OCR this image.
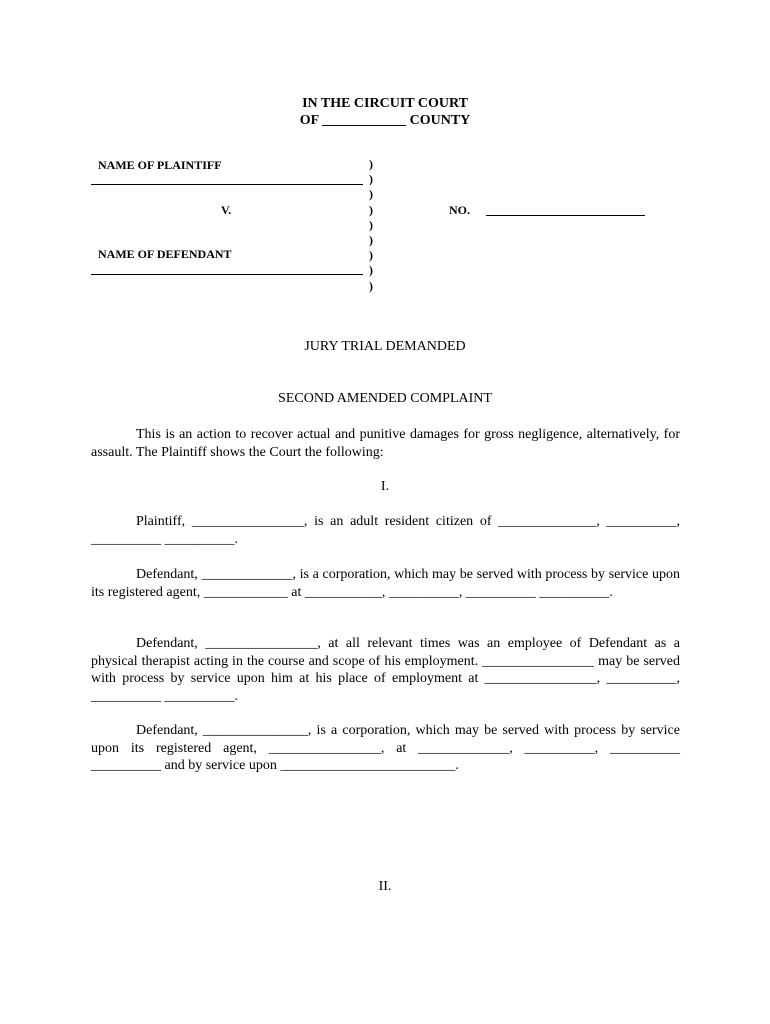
IN THE CIRCUIT COURT
OF ____________ COUNTY
NAME OF PLAINTIFF
V.
NAME OF DEFENDANT
)
)
)
)
)
)
)
)
)
NO.
JURY TRIAL DEMANDED
SECOND AMENDED COMPLAINT
This is an action to recover actual and punitive damages for gross negligence, alternatively, for assault. The Plaintiff shows the Court the following:
I.
Plaintiff, ________________, is an adult resident citizen of ______________, __________, __________ __________.
Defendant, _____________, is a corporation, which may be served with process by service upon its registered agent, ____________ at ___________, __________, __________ __________.
Defendant, ________________, at all relevant times was an employee of Defendant as a physical therapist acting in the course and scope of his employment. ________________ may be served with process by service upon him at his place of employment at ________________, __________, __________ __________.
Defendant, _______________, is a corporation, which may be served with process by service upon its registered agent, ________________, at _____________, __________, __________ __________ and by service upon _________________________.
II.
